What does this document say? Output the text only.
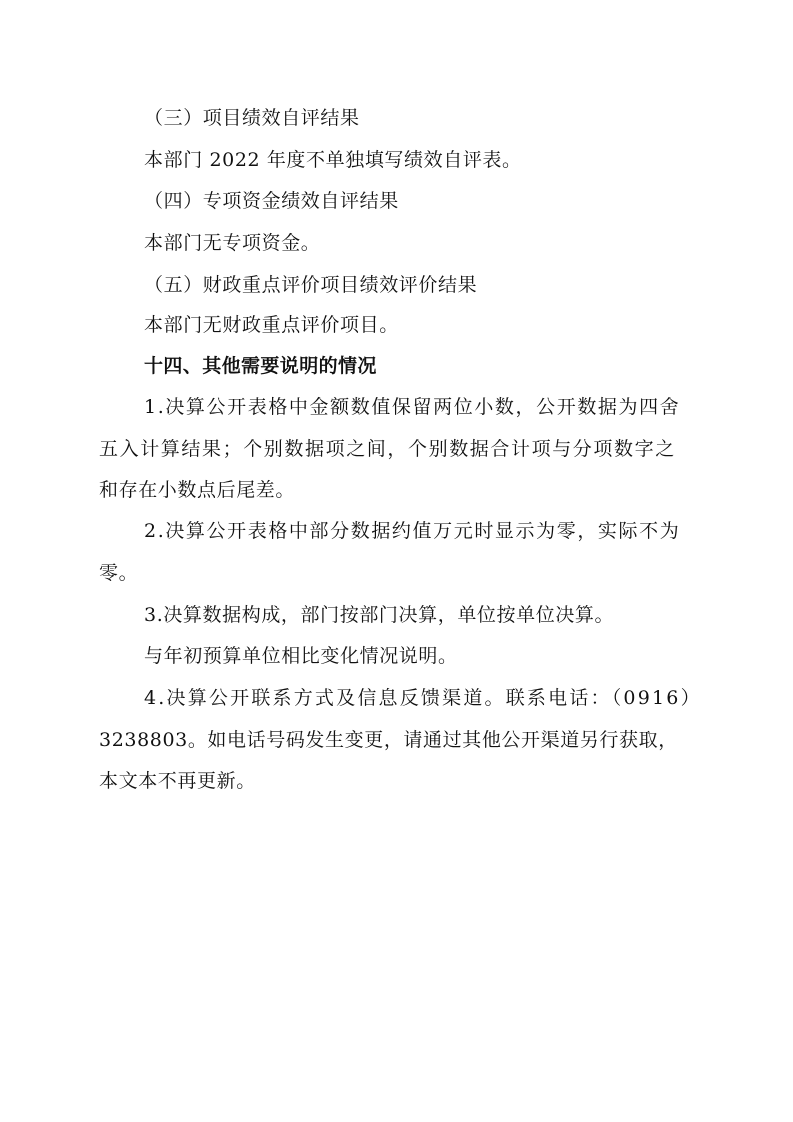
（三）项目绩效自评结果
本部门 2022 年度不单独填写绩效自评表。
（四）专项资金绩效自评结果
本部门无专项资金。
（五）财政重点评价项目绩效评价结果
本部门无财政重点评价项目。
十四、其他需要说明的情况
1.决算公开表格中金额数值保留两位小数，公开数据为四舍
五入计算结果；个别数据项之间，个别数据合计项与分项数字之
和存在小数点后尾差。
2.决算公开表格中部分数据约值万元时显示为零，实际不为
零。
3.决算数据构成，部门按部门决算，单位按单位决算。
与年初预算单位相比变化情况说明。
4.决算公开联系方式及信息反馈渠道。联系电话：（0916）
3238803。如电话号码发生变更，请通过其他公开渠道另行获取，
本文本不再更新。
